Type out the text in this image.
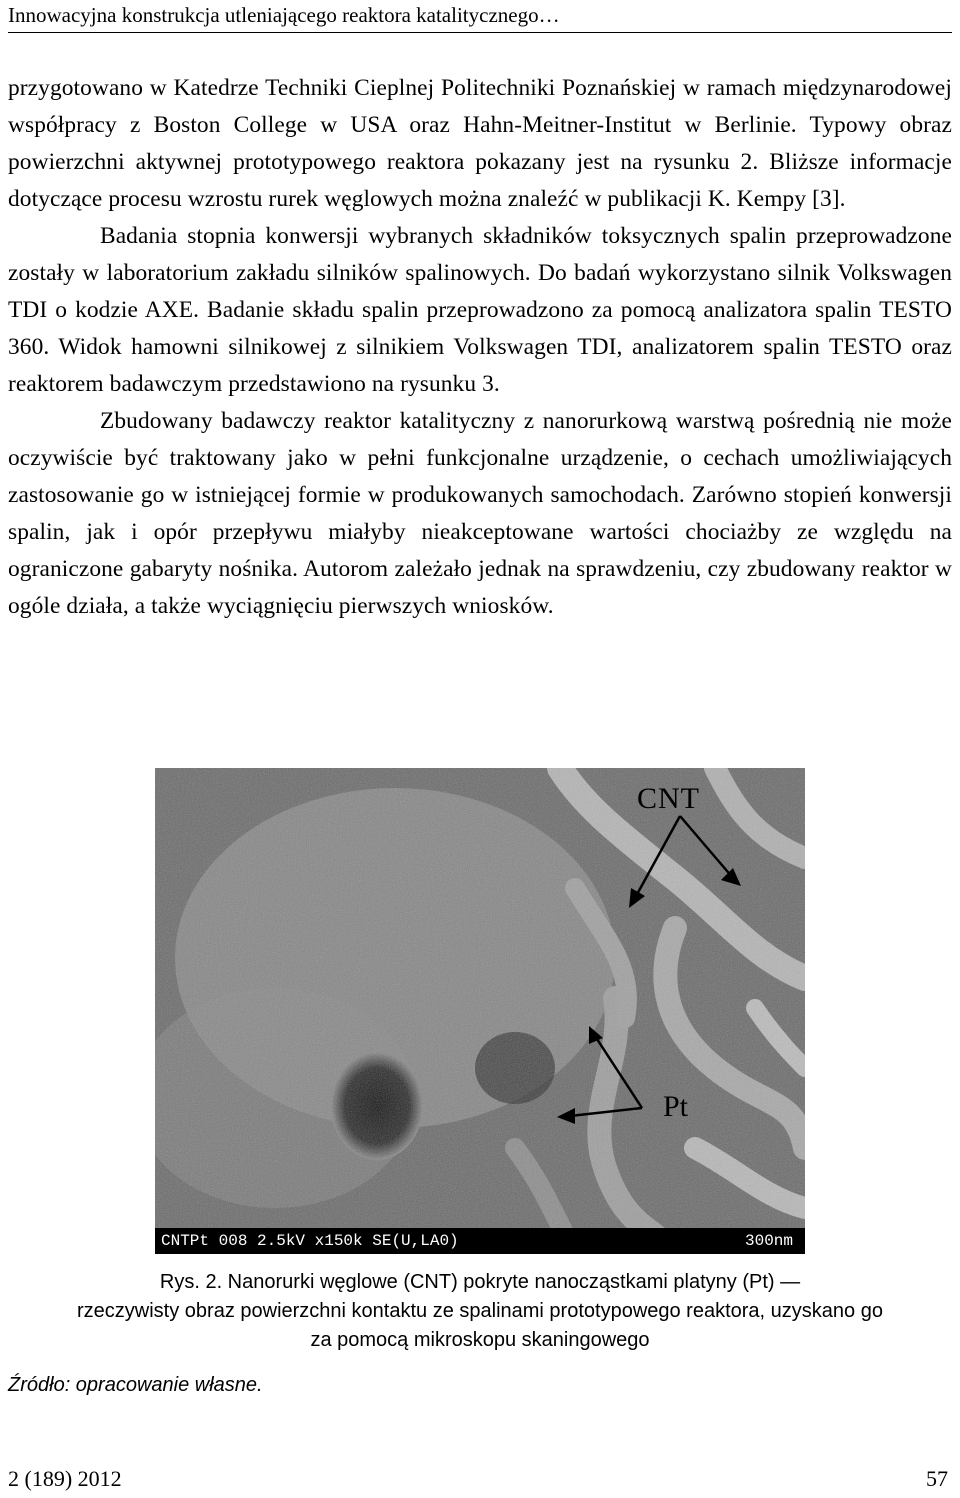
Innowacyjna konstrukcja utleniającego reaktora katalitycznego…

przygotowano w Katedrze Techniki Cieplnej Politechniki Poznańskiej w ramach międzynarodowej współpracy z Boston College w USA oraz Hahn-Meitner-Institut w Berlinie. Typowy obraz powierzchni aktywnej prototypowego reaktora pokazany jest na rysunku 2. Bliższe informacje dotyczące procesu wzrostu rurek węglowych można znaleźć w publikacji K. Kempy [3].

Badania stopnia konwersji wybranych składników toksycznych spalin przeprowadzone zostały w laboratorium zakładu silników spalinowych. Do badań wykorzystano silnik Volkswagen TDI o kodzie AXE. Badanie składu spalin przeprowadzono za pomocą analizatora spalin TESTO 360. Widok hamowni silnikowej z silnikiem Volkswagen TDI, analizatorem spalin TESTO oraz reaktorem badawczym przedstawiono na rysunku 3.

Zbudowany badawczy reaktor katalityczny z nanorurkową warstwą pośrednią nie może oczywiście być traktowany jako w pełni funkcjonalne urządzenie, o cechach umożliwiających zastosowanie go w istniejącej formie w produkowanych samochodach. Zarówno stopień konwersji spalin, jak i opór przepływu miałyby nieakceptowane wartości chociażby ze względu na ograniczone gabaryty nośnika. Autorom zależało jednak na sprawdzeniu, czy zbudowany reaktor w ogóle działa, a także wyciągnięciu pierwszych wniosków.

CNT
Pt
CNTPt 008 2.5kV x150k SE(U,LA0)	300nm
Rys. 2. Nanorurki węglowe (CNT) pokryte nanocząstkami platyny (Pt) —
rzeczywisty obraz powierzchni kontaktu ze spalinami prototypowego reaktora, uzyskano go
za pomocą mikroskopu skaningowego
Źródło: opracowanie własne.
2 (189) 2012	57
